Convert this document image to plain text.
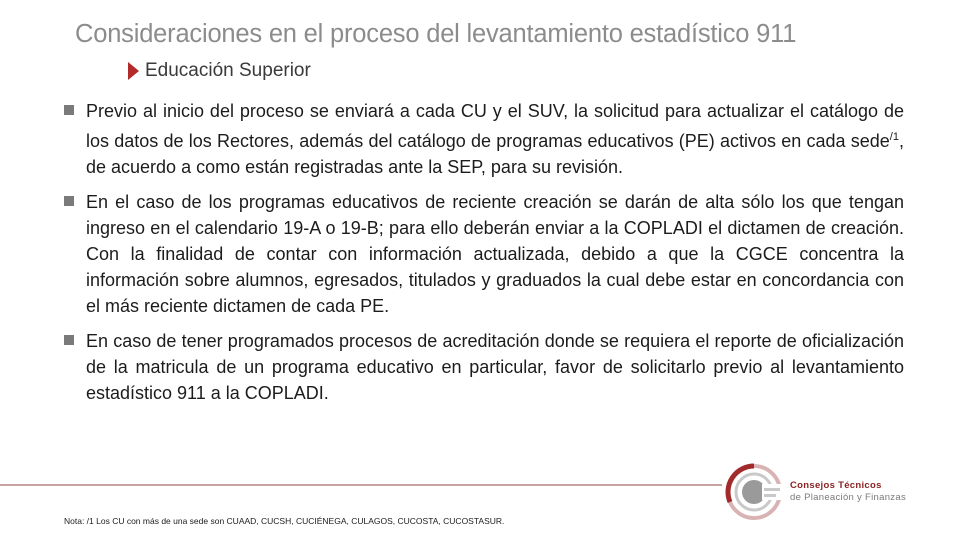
Consideraciones en el proceso del levantamiento estadístico 911
Educación Superior
Previo al inicio del proceso se enviará a cada CU y el SUV, la solicitud para actualizar el catálogo de los datos de los Rectores, además del catálogo de programas educativos (PE) activos en cada sede$^{/1}$, de acuerdo a como están registradas ante la SEP, para su revisión.
En el caso de los programas educativos de reciente creación se darán de alta sólo los que tengan ingreso en el calendario 19-A o 19-B; para ello deberán enviar a la COPLADI el dictamen de creación. Con la finalidad de contar con información actualizada, debido a que la CGCE concentra la información sobre alumnos, egresados, titulados y graduados la cual debe estar en concordancia con el más reciente dictamen de cada PE.
En caso de tener programados procesos de acreditación donde se requiera el reporte de oficialización de la matricula de un programa educativo en particular, favor de solicitarlo previo al levantamiento estadístico 911 a la COPLADI.
Consejos Técnicos
de Planeación y Finanzas
Nota: /1 Los CU con más de una sede son CUAAD, CUCSH, CUCIÉNEGA, CULAGOS, CUCOSTA, CUCOSTASUR.
